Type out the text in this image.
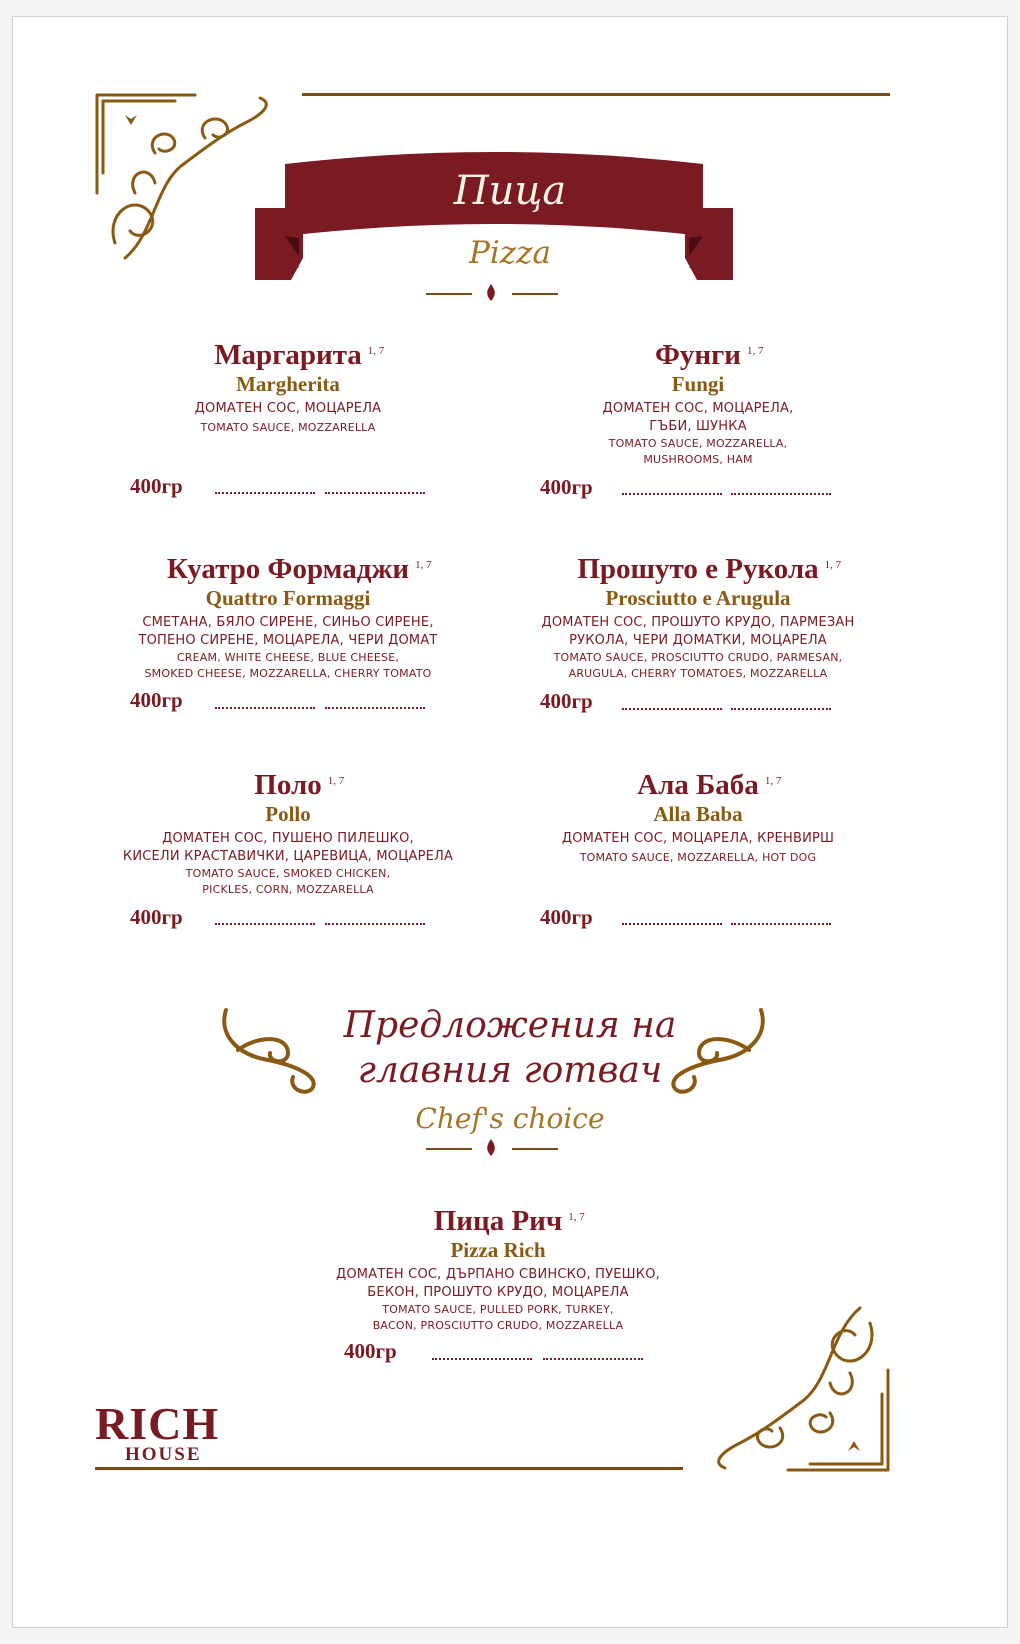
Пица
Pizza
Маргарита 1, 7
Margherita
ДОМАТЕН СОС, МОЦАРЕЛА
TOMATO SAUCE, MOZZARELLA
400гр
Фунги 1, 7
Fungi
ДОМАТЕН СОС, МОЦАРЕЛА,
ГЪБИ, ШУНКА
TOMATO SAUCE, MOZZARELLA,
MUSHROOMS, HAM
400гр
Куатро Формаджи 1, 7
Quattro Formaggi
СМЕТАНА, БЯЛО СИРЕНЕ, СИНЬО СИРЕНЕ,
ТОПЕНО СИРЕНЕ, МОЦАРЕЛА, ЧЕРИ ДОМАТ
CREAM, WHITE CHEESE, BLUE CHEESE,
SMOKED CHEESE, MOZZARELLA, CHERRY TOMATO
400гр
Прошуто е Рукола 1, 7
Prosciutto e Arugula
ДОМАТЕН СОС, ПРОШУТО КРУДО, ПАРМЕЗАН
РУКОЛА, ЧЕРИ ДОМАТКИ, МОЦАРЕЛА
TOMATO SAUCE, PROSCIUTTO CRUDO, PARMESAN,
ARUGULA, CHERRY TOMATOES, MOZZARELLA
400гр
Поло 1, 7
Pollo
ДОМАТЕН СОС, ПУШЕНО ПИЛЕШКО,
КИСЕЛИ КРАСТАВИЧКИ, ЦАРЕВИЦА, МОЦАРЕЛА
TOMATO SAUCE, SMOKED CHICKEN,
PICKLES, CORN, MOZZARELLA
400гр
Ала Баба 1, 7
Alla Baba
ДОМАТЕН СОС, МОЦАРЕЛА, КРЕНВИРШ
TOMATO SAUCE, MOZZARELLA, HOT DOG
400гр
Предложения на
главния готвач
Chef's choice
Пица Рич 1, 7
Pizza Rich
ДОМАТЕН СОС, ДЪРПАНО СВИНСКО, ПУЕШКО,
БЕКОН, ПРОШУТО КРУДО, МОЦАРЕЛА
TOMATO SAUCE, PULLED PORK, TURKEY,
BACON, PROSCIUTTO CRUDO, MOZZARELLA
400гр
RICH
HOUSE
